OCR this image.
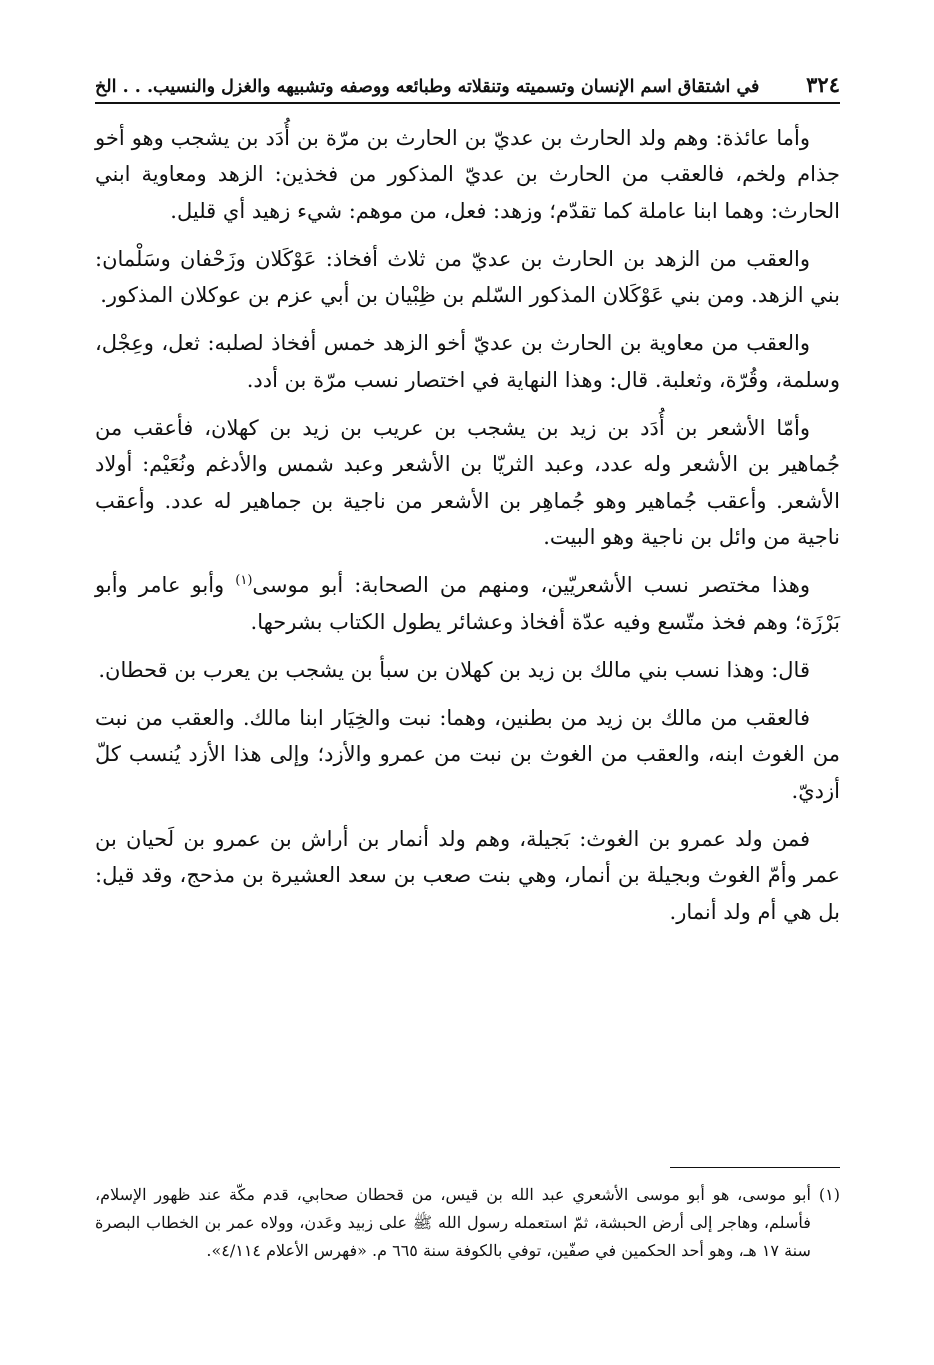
٣٢٤
في اشتقاق اسم الإنسان وتسميته وتنقلاته وطبائعه ووصفه وتشبيهه والغزل والنسيب. . . الخ

وأما عائذة: وهم ولد الحارث بن عديّ بن الحارث بن مرّة بن أُدَد بن يشجب وهو أخو جذام ولخم، فالعقب من الحارث بن عديّ المذكور من فخذين: الزهد ومعاوية ابني الحارث: وهما ابنا عاملة كما تقدّم؛ وزهد: فعل، من موهم: شيء زهيد أي قليل.

والعقب من الزهد بن الحارث بن عديّ من ثلاث أفخاذ: عَوْكَلان وزَحْفان وسَلْمان: بني الزهد. ومن بني عَوْكَلان المذكور السّلم بن ظِبْيان بن أبي عزم بن عوكلان المذكور.

والعقب من معاوية بن الحارث بن عديّ أخو الزهد خمس أفخاذ لصلبه: ثعل، وعِجْل، وسلمة، وقُرّة، وثعلبة. قال: وهذا النهاية في اختصار نسب مرّة بن أدد.

وأمّا الأشعر بن أُدَد بن زيد بن يشجب بن عريب بن زيد بن كهلان، فأعقب من جُماهير بن الأشعر وله عدد، وعبد الثريّا بن الأشعر وعبد شمس والأدغم ونُعَيْم: أولاد الأشعر. وأعقب جُماهير وهو جُماهِر بن الأشعر من ناجية بن جماهير له عدد. وأعقب ناجية من وائل بن ناجية وهو البيت.

وهذا مختصر نسب الأشعريّين، ومنهم من الصحابة: أبو موسى$^{(١)}$ وأبو عامر وأبو بَرْزَة؛ وهم فخذ متّسع وفيه عدّة أفخاذ وعشائر يطول الكتاب بشرحها.

قال: وهذا نسب بني مالك بن زيد بن كهلان بن سبأ بن يشجب بن يعرب بن قحطان.

فالعقب من مالك بن زيد من بطنين، وهما: نبت والخِيَار ابنا مالك. والعقب من نبت من الغوث ابنه، والعقب من الغوث بن نبت من عمرو والأزد؛ وإلى هذا الأزد يُنسب كلّ أزديّ.

فمن ولد عمرو بن الغوث: بَجيلة، وهم ولد أنمار بن أراش بن عمرو بن لَحيان بن عمر وأمّ الغوث وبجيلة بن أنمار، وهي بنت صعب بن سعد العشيرة بن مذحج، وقد قيل: بل هي أم ولد أنمار.

(١)
أبو موسى، هو أبو موسى الأشعري عبد الله بن قيس، من قحطان صحابي، قدم مكّة عند ظهور الإسلام، فأسلم، وهاجر إلى أرض الحبشة، ثمّ استعمله رسول الله ﷺ على زبيد وعَدن، وولاه عمر بن الخطاب البصرة سنة ١٧ هـ، وهو أحد الحكمين في صفّين، توفي بالكوفة سنة ٦٦٥ م. «فهرس الأعلام ٤/١١٤».
